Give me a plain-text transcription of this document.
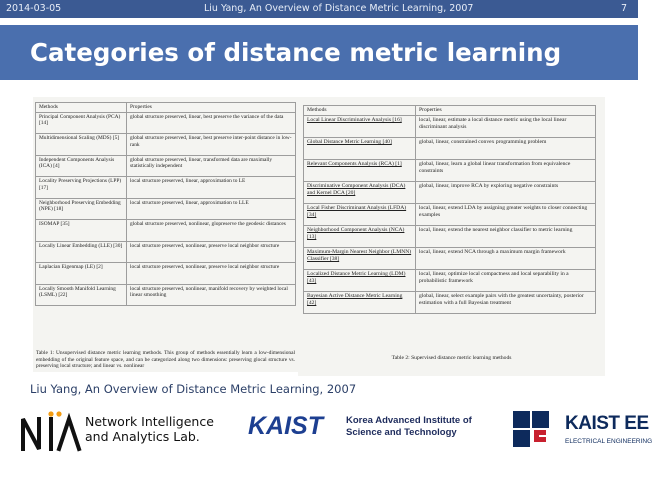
2014-03-05	Liu Yang, An Overview of Distance Metric Learning, 2007	7
Categories of distance metric learning
Methods	Properties
Principal Component Analysis (PCA) [14]	global structure preserved, linear, best preserve the variance of the data
Multidimensional Scaling (MDS) [5]	global structure preserved, linear, best preserve inter-point distance in low-rank
Independent Components Analysis (ICA) [4]	global structure preserved, linear, transformed data are maximally statistically independent
Locality Preserving Projections (LPP) [17]	local structure preserved, linear, approximation to LE
Neighborhood Preserving Embedding (NPE) [18]	local structure preserved, linear, approximation to LLE
ISOMAP [35]	global structure preserved, nonlinear, glopreserve the geodesic distances
Locally Linear Embedding (LLE) [30]	local structure preserved, nonlinear, preserve local neighbor structure
Laplacian Eigenmap (LE) [2]	local structure preserved, nonlinear, preserve local neighbor structure
Locally Smooth Manifold Learning (LSML) [22]	local structure preserved, nonlinear, manifold recovery by weighted local linear smoothing
Table 1: Unsupervised distance metric learning methods. This group of methods essentially learn a low-dimensional embedding of the original feature space, and can be categorized along two dimensions: preserving glocal structure vs. preserving local structure; and linear vs. nonlinear
Methods	Properties
Local Linear Discriminative Analysis [16]	local, linear, estimate a local distance metric using the local linear discriminant analysis
Global Distance Metric Learning [40]	global, linear, constrained convex programming problem
Relevant Components Analysis (RCA) [1]	global, linear, learn a global linear transformation from equivalence constraints
Discriminative Component Analysis (DCA) and Kernel DCA [20]	global, linear, improve RCA by exploring negative constraints
Local Fisher Discriminant Analysis (LFDA) [34]	local, linear, extend LDA by assigning greater weights to closer connecting examples
Neighborhood Component Analysis (NCA) [13]	local, linear, extend the nearest neighbor classifier to metric learning
Maximum-Margin Nearest Neighbor (LMNN) Classifier [38]	local, linear, extend NCA through a maximum margin framework
Localized Distance Metric Learning (LDM) [43]	local, linear, optimize local compactness and local separability in a probabilistic framework
Bayesian Active Distance Metric Learning [42]	global, linear, select example pairs with the greatest uncertainty, posterior estimation with a full Bayesian treatment
Table 2: Supervised distance metric learning methods
Liu Yang, An Overview of Distance Metric Learning, 2007
Network Intelligence
and Analytics Lab.	KAIST Korea Advanced Institute of
Science and Technology	KAIST EE
ELECTRICAL ENGINEERING
